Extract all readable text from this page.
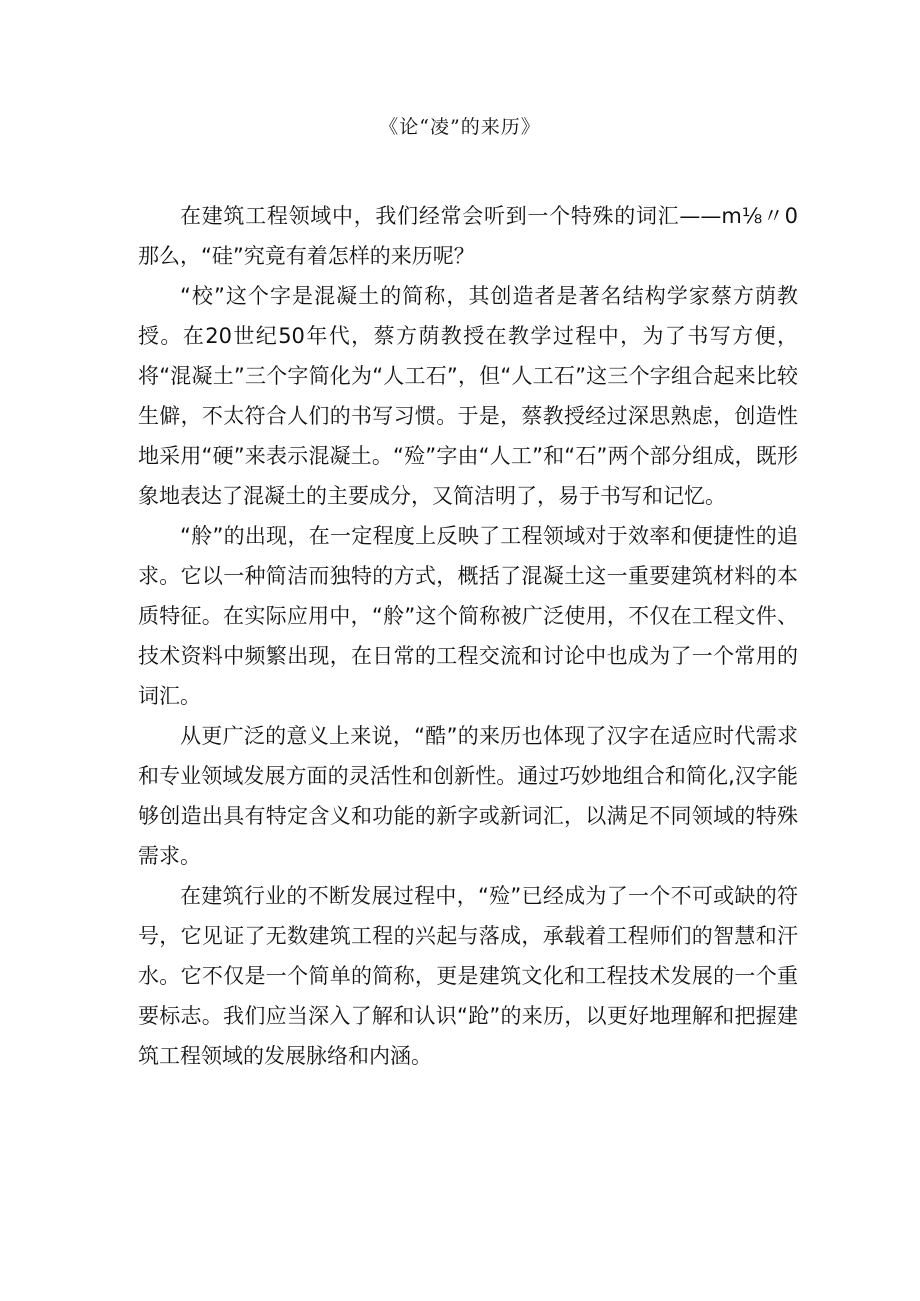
《论“凌”的来历》

在建筑工程领域中，我们经常会听到一个特殊的词汇——m⅛〃0那么，“硅”究竟有着怎样的来历呢？

“校”这个字是混凝土的简称，其创造者是著名结构学家蔡方荫教授。在20世纪50年代，蔡方荫教授在教学过程中，为了书写方便，将“混凝土”三个字简化为“人工石”，但“人工石”这三个字组合起来比较生僻，不太符合人们的书写习惯。于是，蔡教授经过深思熟虑，创造性地采用“硬”来表示混凝土。“殓”字由“人工”和“石”两个部分组成，既形象地表达了混凝土的主要成分，又简洁明了，易于书写和记忆。

“舲”的出现，在一定程度上反映了工程领域对于效率和便捷性的追求。它以一种简洁而独特的方式，概括了混凝土这一重要建筑材料的本质特征。在实际应用中，“舲”这个简称被广泛使用，不仅在工程文件、技术资料中频繁出现，在日常的工程交流和讨论中也成为了一个常用的词汇。

从更广泛的意义上来说，“酷”的来历也体现了汉字在适应时代需求和专业领域发展方面的灵活性和创新性。通过巧妙地组合和简化,汉字能够创造出具有特定含义和功能的新字或新词汇，以满足不同领域的特殊需求。

在建筑行业的不断发展过程中，“殓”已经成为了一个不可或缺的符号，它见证了无数建筑工程的兴起与落成，承载着工程师们的智慧和汗水。它不仅是一个简单的简称，更是建筑文化和工程技术发展的一个重要标志。我们应当深入了解和认识“跄”的来历，以更好地理解和把握建筑工程领域的发展脉络和内涵。
